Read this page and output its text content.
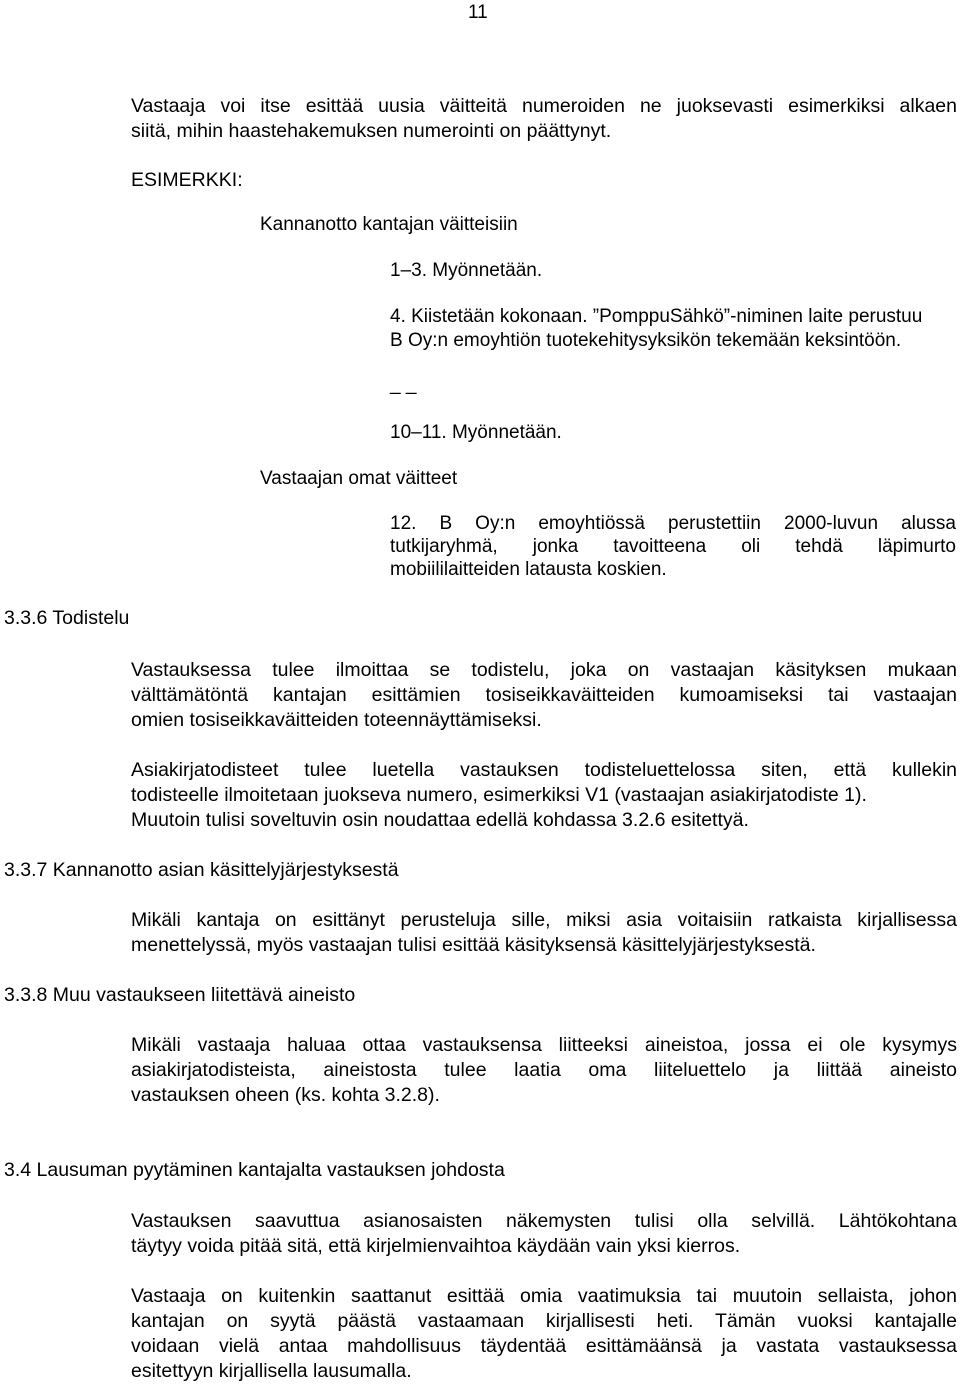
11
Vastaaja voi itse esittää uusia väitteitä numeroiden ne juoksevasti esimerkiksi alkaen
siitä, mihin haastehakemuksen numerointi on päättynyt.
ESIMERKKI:
Kannanotto kantajan väitteisiin
1–3. Myönnetään.
4. Kiistetään kokonaan. ”PomppuSähkö”-niminen laite perustuu
B Oy:n emoyhtiön tuotekehitysyksikön tekemään keksintöön.
_ _
10–11. Myönnetään.
Vastaajan omat väitteet
12. B Oy:n emoyhtiössä perustettiin 2000-luvun alussa
tutkijaryhmä, jonka tavoitteena oli tehdä läpimurto
mobiililaitteiden latausta koskien.
3.3.6 Todistelu
Vastauksessa tulee ilmoittaa se todistelu, joka on vastaajan käsityksen mukaan
välttämätöntä kantajan esittämien tosiseikkaväitteiden kumoamiseksi tai vastaajan
omien tosiseikkaväitteiden toteennäyttämiseksi.
Asiakirjatodisteet tulee luetella vastauksen todisteluettelossa siten, että kullekin
todisteelle ilmoitetaan juokseva numero, esimerkiksi V1 (vastaajan asiakirjatodiste 1).
Muutoin tulisi soveltuvin osin noudattaa edellä kohdassa 3.2.6 esitettyä.
3.3.7 Kannanotto asian käsittelyjärjestyksestä
Mikäli kantaja on esittänyt perusteluja sille, miksi asia voitaisiin ratkaista kirjallisessa
menettelyssä, myös vastaajan tulisi esittää käsityksensä käsittelyjärjestyksestä.
3.3.8 Muu vastaukseen liitettävä aineisto
Mikäli vastaaja haluaa ottaa vastauksensa liitteeksi aineistoa, jossa ei ole kysymys
asiakirjatodisteista, aineistosta tulee laatia oma liiteluettelo ja liittää aineisto
vastauksen oheen (ks. kohta 3.2.8).
3.4 Lausuman pyytäminen kantajalta vastauksen johdosta
Vastauksen saavuttua asianosaisten näkemysten tulisi olla selvillä. Lähtökohtana
täytyy voida pitää sitä, että kirjelmienvaihtoa käydään vain yksi kierros.
Vastaaja on kuitenkin saattanut esittää omia vaatimuksia tai muutoin sellaista, johon
kantajan on syytä päästä vastaamaan kirjallisesti heti. Tämän vuoksi kantajalle
voidaan vielä antaa mahdollisuus täydentää esittämäänsä ja vastata vastauksessa
esitettyyn kirjallisella lausumalla.
